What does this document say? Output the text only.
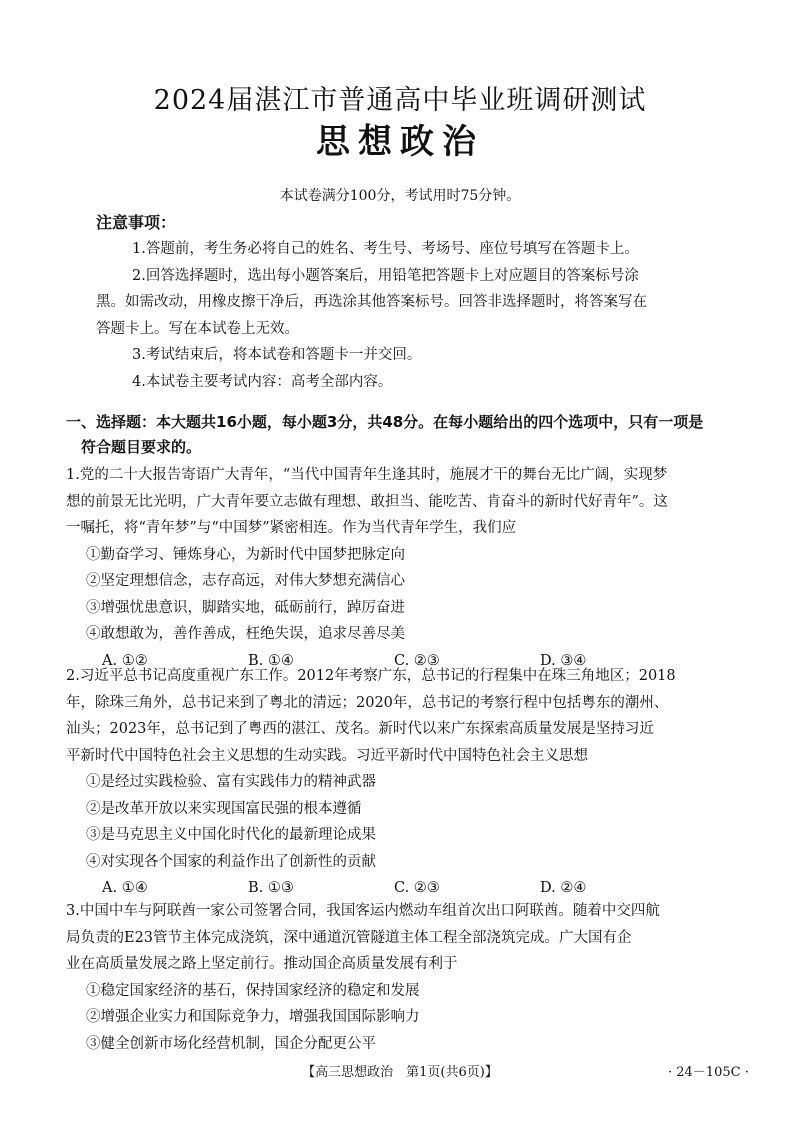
2024届湛江市普通高中毕业班调研测试
思想政治
本试卷满分100分，考试用时75分钟。
注意事项：

1.答题前，考生务必将自己的姓名、考生号、考场号、座位号填写在答题卡上。

2.回答选择题时，选出每小题答案后，用铅笔把答题卡上对应题目的答案标号涂

黑。如需改动，用橡皮擦干净后，再选涂其他答案标号。回答非选择题时，将答案写在

答题卡上。写在本试卷上无效。

3.考试结束后，将本试卷和答题卡一并交回。

4.本试卷主要考试内容：高考全部内容。

一、选择题：本大题共16小题，每小题3分，共48分。在每小题给出的四个选项中，只有一项是
符合题目要求的。

1.党的二十大报告寄语广大青年，“当代中国青年生逢其时，施展才干的舞台无比广阔，实现梦

想的前景无比光明，广大青年要立志做有理想、敢担当、能吃苦、肯奋斗的新时代好青年”。这

一嘱托，将“青年梦”与“中国梦”紧密相连。作为当代青年学生，我们应

①勤奋学习、锤炼身心，为新时代中国梦把脉定向

②坚定理想信念，志存高远，对伟大梦想充满信心

③增强忧患意识，脚踏实地，砥砺前行，踔厉奋进

④敢想敢为，善作善成，枉绝失误，追求尽善尽美

A. ①②	B. ①④	C. ②③	D. ③④

2.习近平总书记高度重视广东工作。2012年考察广东，总书记的行程集中在珠三角地区；2018

年，除珠三角外，总书记来到了粤北的清远；2020年，总书记的考察行程中包括粤东的潮州、

汕头；2023年，总书记到了粤西的湛江、茂名。新时代以来广东探索高质量发展是坚持习近

平新时代中国特色社会主义思想的生动实践。习近平新时代中国特色社会主义思想

①是经过实践检验、富有实践伟力的精神武器

②是改革开放以来实现国富民强的根本遵循

③是马克思主义中国化时代化的最新理论成果

④对实现各个国家的利益作出了创新性的贡献

A. ①④	B. ①③	C. ②③	D. ②④

3.中国中车与阿联酋一家公司签署合同，我国客运内燃动车组首次出口阿联酋。随着中交四航

局负责的E23管节主体完成浇筑，深中通道沉管隧道主体工程全部浇筑完成。广大国有企

业在高质量发展之路上坚定前行。推动国企高质量发展有利于

①稳定国家经济的基石，保持国家经济的稳定和发展

②增强企业实力和国际竞争力，增强我国国际影响力

③健全创新市场化经营机制，国企分配更公平

【高三思想政治　第1页(共6页)】	· 24－105C ·
